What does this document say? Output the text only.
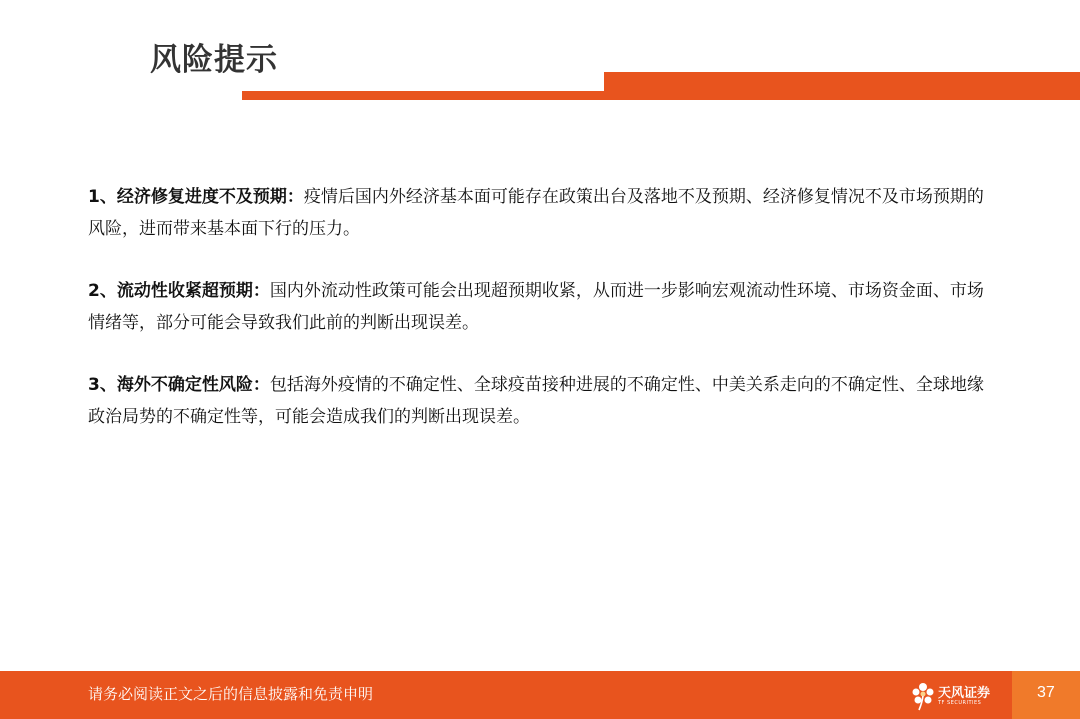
风险提示
1、经济修复进度不及预期：疫情后国内外经济基本面可能存在政策出台及落地不及预期、经济修复情况不及市场预期的风险，进而带来基本面下行的压力。
2、流动性收紧超预期：国内外流动性政策可能会出现超预期收紧，从而进一步影响宏观流动性环境、市场资金面、市场情绪等，部分可能会导致我们此前的判断出现误差。
3、海外不确定性风险：包括海外疫情的不确定性、全球疫苗接种进展的不确定性、中美关系走向的不确定性、全球地缘政治局势的不确定性等，可能会造成我们的判断出现误差。
请务必阅读正文之后的信息披露和免责申明	天风证券
TF SECURITIES
37
